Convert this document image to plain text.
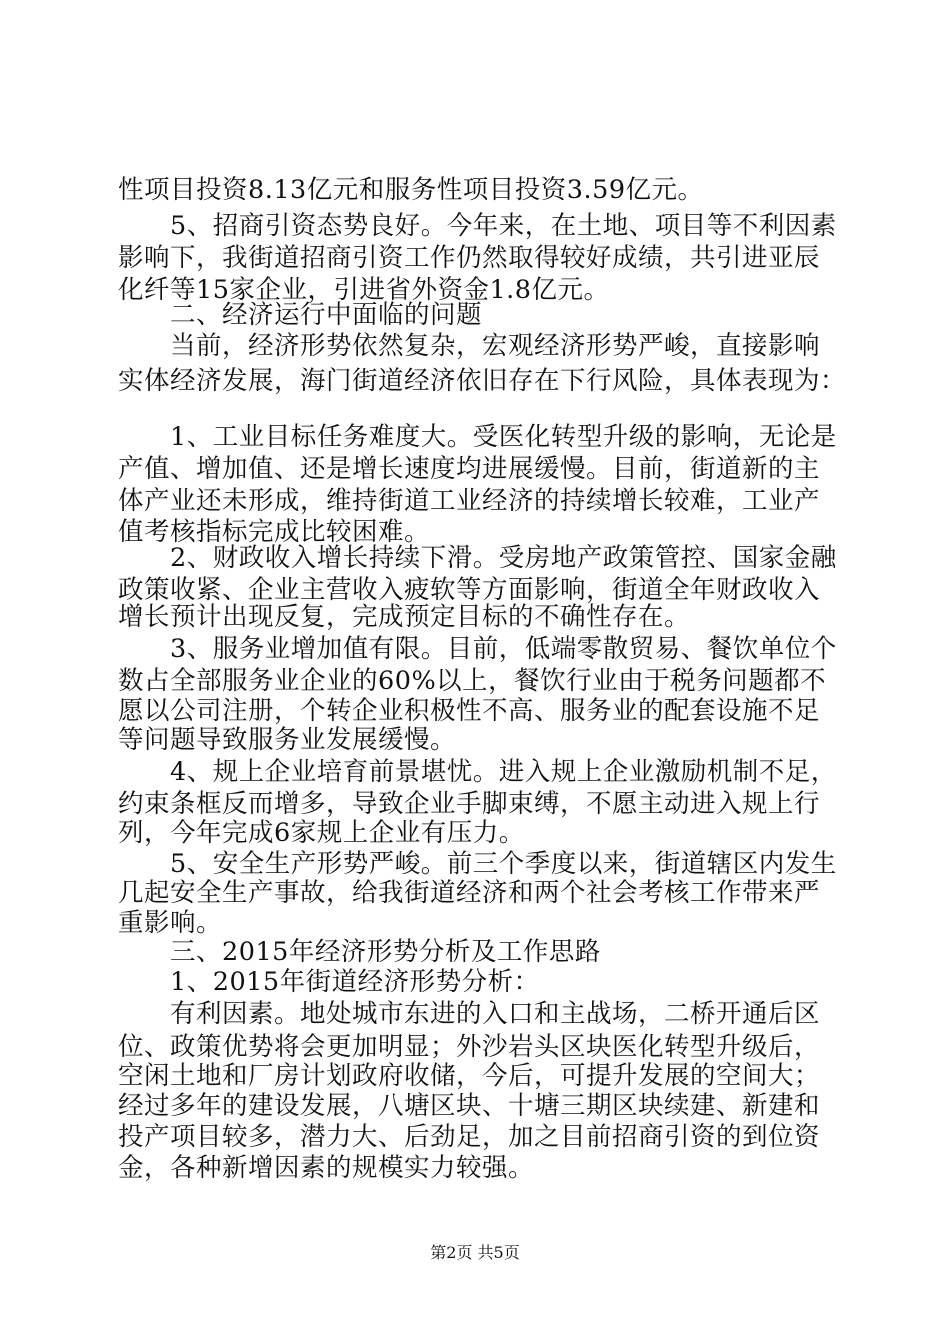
性项目投资8.13亿元和服务性项目投资3.59亿元。
　　5、招商引资态势良好。今年来，在土地、项目等不利因素
影响下，我街道招商引资工作仍然取得较好成绩，共引进亚辰
化纤等15家企业，引进省外资金1.8亿元。
　　二、经济运行中面临的问题
　　当前，经济形势依然复杂，宏观经济形势严峻，直接影响
实体经济发展，海门街道经济依旧存在下行风险，具体表现为：
　　1、工业目标任务难度大。受医化转型升级的影响，无论是
产值、增加值、还是增长速度均进展缓慢。目前，街道新的主
体产业还未形成，维持街道工业经济的持续增长较难，工业产
值考核指标完成比较困难。
　　2、财政收入增长持续下滑。受房地产政策管控、国家金融
政策收紧、企业主营收入疲软等方面影响，街道全年财政收入
增长预计出现反复，完成预定目标的不确性存在。
　　3、服务业增加值有限。目前，低端零散贸易、餐饮单位个
数占全部服务业企业的60%以上，餐饮行业由于税务问题都不
愿以公司注册，个转企业积极性不高、服务业的配套设施不足
等问题导致服务业发展缓慢。
　　4、规上企业培育前景堪忧。进入规上企业激励机制不足，
约束条框反而增多，导致企业手脚束缚，不愿主动进入规上行
列，今年完成6家规上企业有压力。
　　5、安全生产形势严峻。前三个季度以来，街道辖区内发生
几起安全生产事故，给我街道经济和两个社会考核工作带来严
重影响。
　　三、2015年经济形势分析及工作思路
　　1、2015年街道经济形势分析：
　　有利因素。地处城市东进的入口和主战场，二桥开通后区
位、政策优势将会更加明显；外沙岩头区块医化转型升级后，
空闲土地和厂房计划政府收储，今后，可提升发展的空间大；
经过多年的建设发展，八塘区块、十塘三期区块续建、新建和
投产项目较多，潜力大、后劲足，加之目前招商引资的到位资
金，各种新增因素的规模实力较强。
第2页 共5页
